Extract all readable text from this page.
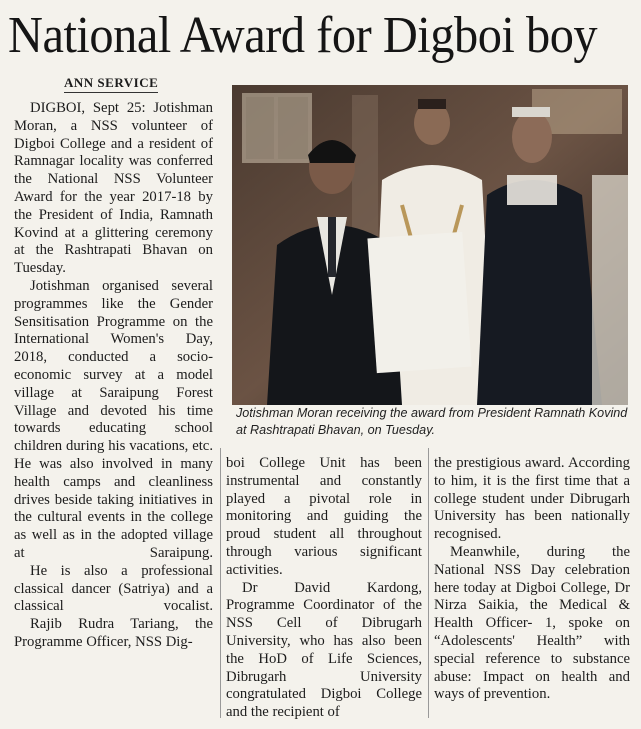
National Award for Digboi boy
ANN SERVICE
Jotishman Moran receiving the award from President Ramnath Kovind at Rashtrapati Bhavan, on Tuesday.

DIGBOI, Sept 25: Jotishman Moran, a NSS volunteer of Digboi College and a resident of Ramnagar locality was conferred the National NSS Volunteer Award for the year 2017-18 by the President of India, Ramnath Kovind at a glittering ceremony at the Rashtrapati Bhavan on Tuesday.

Jotishman organised several programmes like the Gender Sensitisation Programme on the International Women's Day, 2018, conducted a socio-economic survey at a model village at Saraipung Forest Village and devoted his time towards educating school children during his vacations, etc. He was also involved in many health camps and cleanliness drives beside taking initiatives in the cultural events in the college as well as in the adopted village at Saraipung.

He is also a professional classical dancer (Satriya) and a classical vocalist.

Rajib Rudra Tariang, the Programme Officer, NSS Dig-

boi College Unit has been instrumental and constantly played a pivotal role in monitoring and guiding the proud student all throughout through various significant activities.

Dr David Kardong, Programme Coordinator of the NSS Cell of Dibrugarh University, who has also been the HoD of Life Sciences, Dibrugarh University congratulated Digboi College and the recipient of

the prestigious award. According to him, it is the first time that a college student under Dibrugarh University has been nationally recognised.

Meanwhile, during the National NSS Day celebration here today at Digboi College, Dr Nirza Saikia, the Medical & Health Officer- 1, spoke on “Adolescents' Health” with special reference to substance abuse: Impact on health and ways of prevention.
